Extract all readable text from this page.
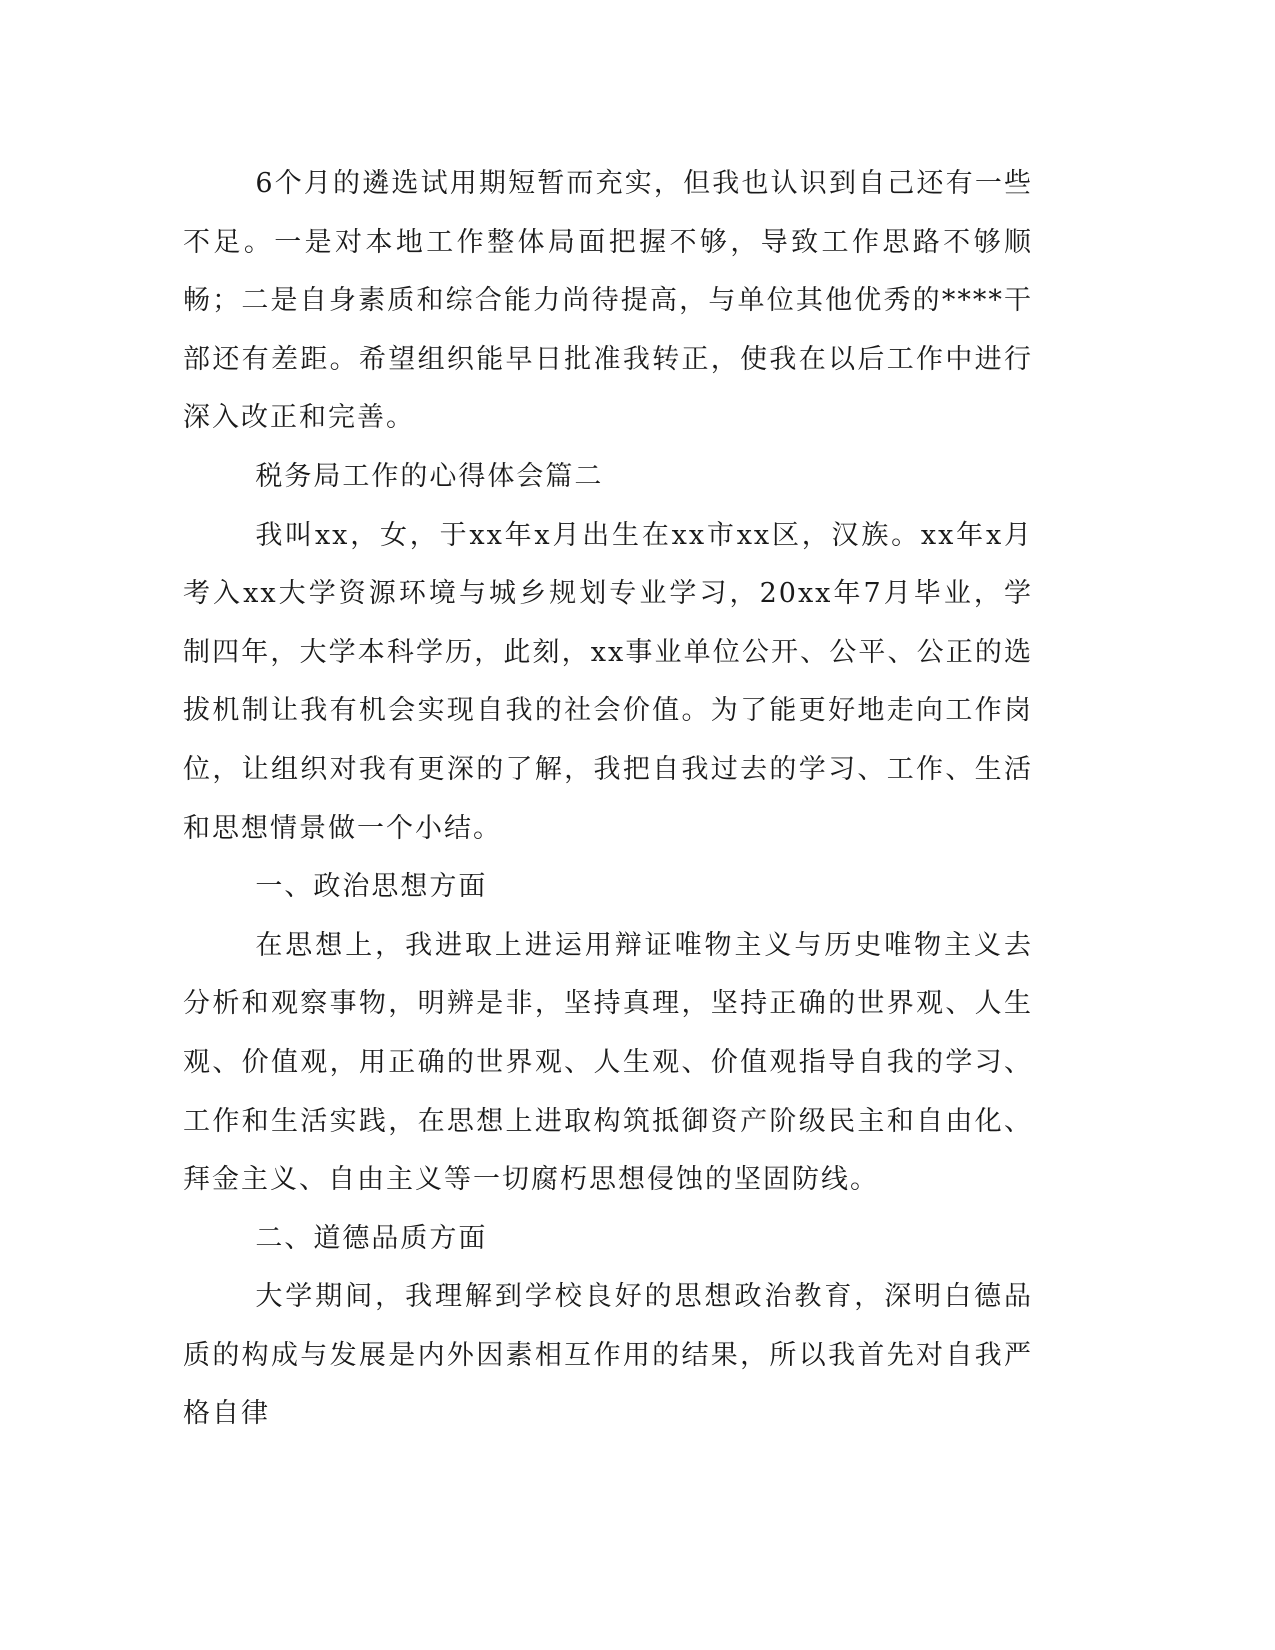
6个月的遴选试用期短暂而充实，但我也认识到自己还有一些不足。一是对本地工作整体局面把握不够，导致工作思路不够顺畅；二是自身素质和综合能力尚待提高，与单位其他优秀的****干部还有差距。希望组织能早日批准我转正，使我在以后工作中进行深入改正和完善。

税务局工作的心得体会篇二

我叫xx，女，于xx年x月出生在xx市xx区，汉族。xx年x月考入xx大学资源环境与城乡规划专业学习，20xx年7月毕业，学制四年，大学本科学历，此刻，xx事业单位公开、公平、公正的选拔机制让我有机会实现自我的社会价值。为了能更好地走向工作岗位，让组织对我有更深的了解，我把自我过去的学习、工作、生活和思想情景做一个小结。

一、政治思想方面

在思想上，我进取上进运用辩证唯物主义与历史唯物主义去分析和观察事物，明辨是非，坚持真理，坚持正确的世界观、人生观、价值观，用正确的世界观、人生观、价值观指导自我的学习、工作和生活实践，在思想上进取构筑抵御资产阶级民主和自由化、拜金主义、自由主义等一切腐朽思想侵蚀的坚固防线。

二、道德品质方面

大学期间，我理解到学校良好的思想政治教育，深明白德品质的构成与发展是内外因素相互作用的结果，所以我首先对自我严格自律
